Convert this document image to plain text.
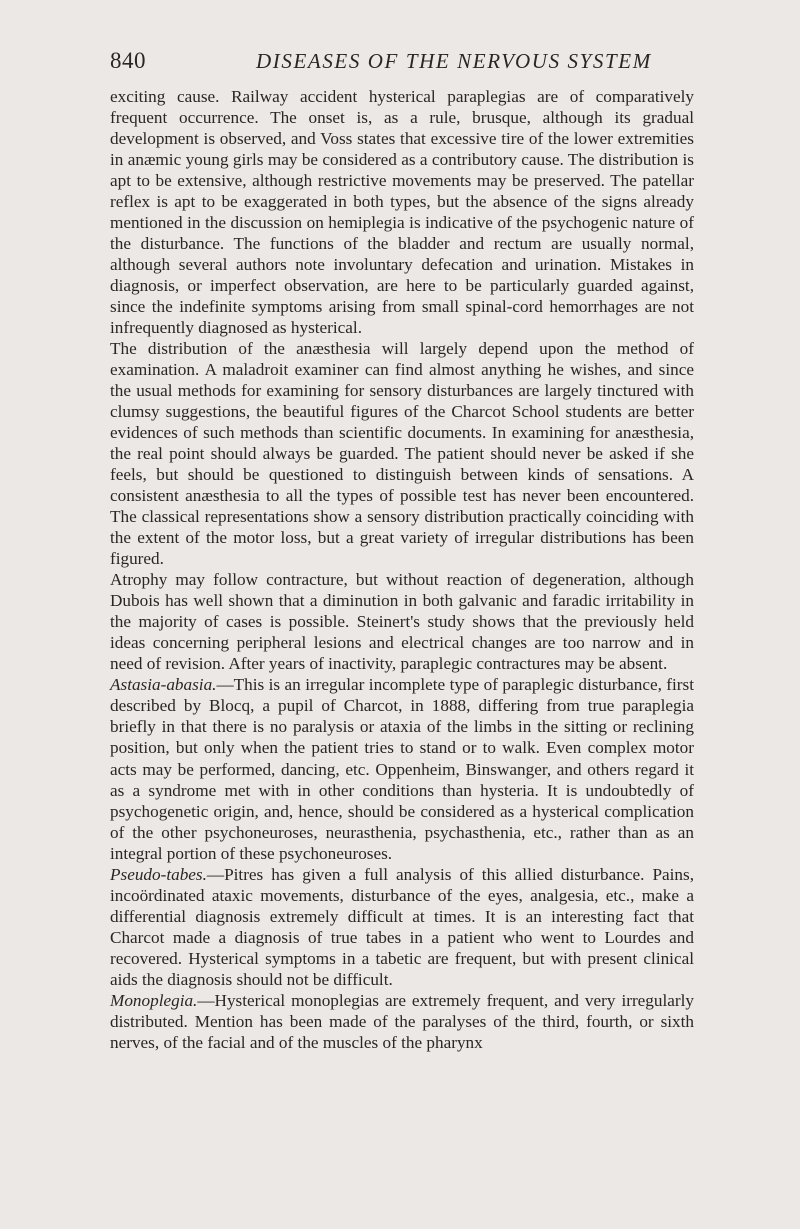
840	DISEASES OF THE NERVOUS SYSTEM

exciting cause. Railway accident hysterical paraplegias are of comparatively frequent occurrence. The onset is, as a rule, brusque, although its gradual development is observed, and Voss states that excessive tire of the lower extremities in anæmic young girls may be considered as a contributory cause. The distribution is apt to be extensive, although restrictive movements may be preserved. The patellar reflex is apt to be exaggerated in both types, but the absence of the signs already mentioned in the discussion on hemiplegia is indicative of the psychogenic nature of the disturbance. The functions of the bladder and rectum are usually normal, although several authors note involuntary defecation and urination. Mistakes in diagnosis, or imperfect observation, are here to be particularly guarded against, since the indefinite symptoms arising from small spinal-cord hemorrhages are not infrequently diagnosed as hysterical.

The distribution of the anæsthesia will largely depend upon the method of examination. A maladroit examiner can find almost anything he wishes, and since the usual methods for examining for sensory disturbances are largely tinctured with clumsy suggestions, the beautiful figures of the Charcot School students are better evidences of such methods than scientific documents. In examining for anæsthesia, the real point should always be guarded. The patient should never be asked if she feels, but should be questioned to distinguish between kinds of sensations. A consistent anæsthesia to all the types of possible test has never been encountered. The classical representations show a sensory distribution practically coinciding with the extent of the motor loss, but a great variety of irregular distributions has been figured.

Atrophy may follow contracture, but without reaction of degeneration, although Dubois has well shown that a diminution in both galvanic and faradic irritability in the majority of cases is possible. Steinert's study shows that the previously held ideas concerning peripheral lesions and electrical changes are too narrow and in need of revision. After years of inactivity, paraplegic contractures may be absent.

Astasia-abasia.—This is an irregular incomplete type of paraplegic disturbance, first described by Blocq, a pupil of Charcot, in 1888, differing from true paraplegia briefly in that there is no paralysis or ataxia of the limbs in the sitting or reclining position, but only when the patient tries to stand or to walk. Even complex motor acts may be performed, dancing, etc. Oppenheim, Binswanger, and others regard it as a syndrome met with in other conditions than hysteria. It is undoubtedly of psychogenetic origin, and, hence, should be considered as a hysterical complication of the other psychoneuroses, neurasthenia, psychasthenia, etc., rather than as an integral portion of these psychoneuroses.

Pseudo-tabes.—Pitres has given a full analysis of this allied disturbance. Pains, incoördinated ataxic movements, disturbance of the eyes, analgesia, etc., make a differential diagnosis extremely difficult at times. It is an interesting fact that Charcot made a diagnosis of true tabes in a patient who went to Lourdes and recovered. Hysterical symptoms in a tabetic are frequent, but with present clinical aids the diagnosis should not be difficult.

Monoplegia.—Hysterical monoplegias are extremely frequent, and very irregularly distributed. Mention has been made of the paralyses of the third, fourth, or sixth nerves, of the facial and of the muscles of the pharynx
